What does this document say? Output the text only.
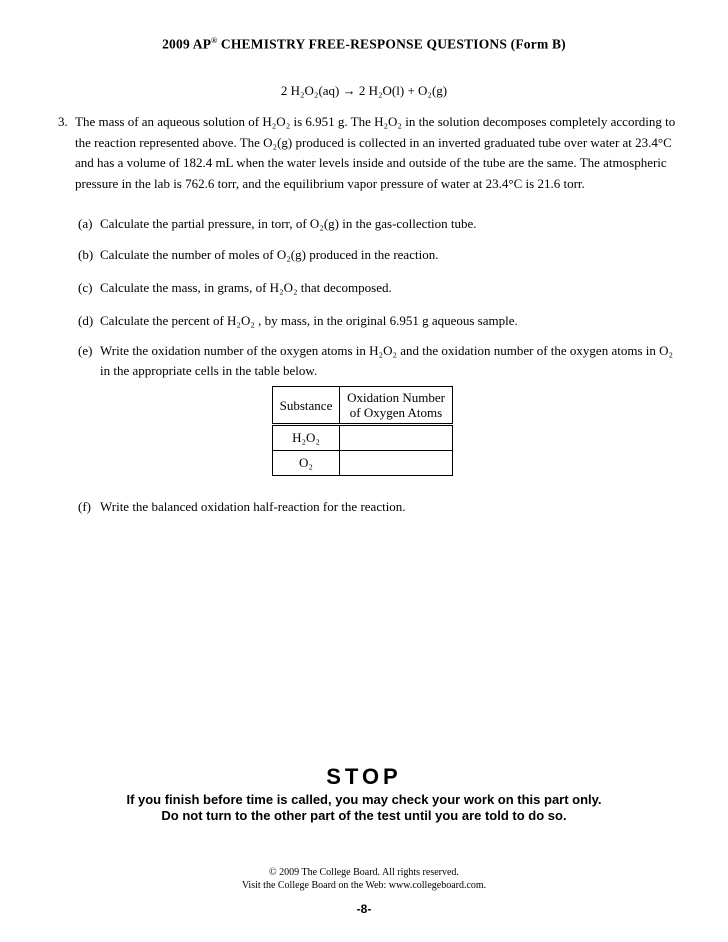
2009 AP® CHEMISTRY FREE-RESPONSE QUESTIONS (Form B)
2 H₂O₂(aq) → 2 H₂O(l) + O₂(g)
3. The mass of an aqueous solution of H₂O₂ is 6.951 g. The H₂O₂ in the solution decomposes completely according to the reaction represented above. The O₂(g) produced is collected in an inverted graduated tube over water at 23.4°C and has a volume of 182.4 mL when the water levels inside and outside of the tube are the same. The atmospheric pressure in the lab is 762.6 torr, and the equilibrium vapor pressure of water at 23.4°C is 21.6 torr.
(a) Calculate the partial pressure, in torr, of O₂(g) in the gas-collection tube.
(b) Calculate the number of moles of O₂(g) produced in the reaction.
(c) Calculate the mass, in grams, of H₂O₂ that decomposed.
(d) Calculate the percent of H₂O₂ , by mass, in the original 6.951 g aqueous sample.
(e) Write the oxidation number of the oxygen atoms in H₂O₂ and the oxidation number of the oxygen atoms in O₂ in the appropriate cells in the table below.
Substance	Oxidation Number
of Oxygen Atoms

H₂O₂	
O₂	
(f) Write the balanced oxidation half-reaction for the reaction.
STOP
If you finish before time is called, you may check your work on this part only.
Do not turn to the other part of the test until you are told to do so.
© 2009 The College Board. All rights reserved.
Visit the College Board on the Web: www.collegeboard.com.
-8-
